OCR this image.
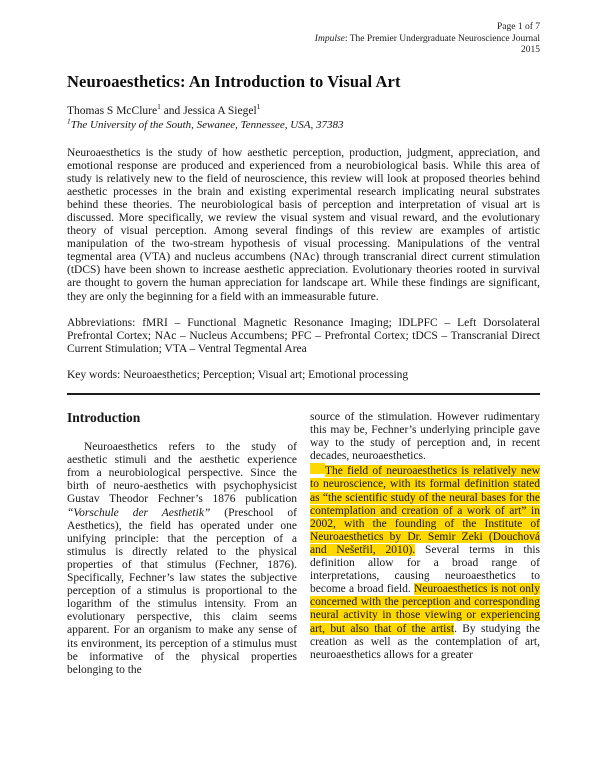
Page 1 of 7
Impulse: The Premier Undergraduate Neuroscience Journal
2015
Neuroaesthetics: An Introduction to Visual Art
Thomas S McClure$^1$ and Jessica A Siegel$^1$
$^1$The University of the South, Sewanee, Tennessee, USA, 37383

Neuroaesthetics is the study of how aesthetic perception, production, judgment, appreciation, and emotional response are produced and experienced from a neurobiological basis. While this area of study is relatively new to the field of neuroscience, this review will look at proposed theories behind aesthetic processes in the brain and existing experimental research implicating neural substrates behind these theories. The neurobiological basis of perception and interpretation of visual art is discussed. More specifically, we review the visual system and visual reward, and the evolutionary theory of visual perception. Among several findings of this review are examples of artistic manipulation of the two-stream hypothesis of visual processing. Manipulations of the ventral tegmental area (VTA) and nucleus accumbens (NAc) through transcranial direct current stimulation (tDCS) have been shown to increase aesthetic appreciation. Evolutionary theories rooted in survival are thought to govern the human appreciation for landscape art. While these findings are significant, they are only the beginning for a field with an immeasurable future.

Abbreviations: fMRI – Functional Magnetic Resonance Imaging; lDLPFC – Left Dorsolateral Prefrontal Cortex; NAc – Nucleus Accumbens; PFC – Prefrontal Cortex; tDCS – Transcranial Direct Current Stimulation; VTA – Ventral Tegmental Area

Key words: Neuroaesthetics; Perception; Visual art; Emotional processing

Introduction

Neuroaesthetics refers to the study of aesthetic stimuli and the aesthetic experience from a neurobiological perspective. Since the birth of neuro-aesthetics with psychophysicist Gustav Theodor Fechner’s 1876 publication “Vorschule der Aesthetik” (Preschool of Aesthetics), the field has operated under one unifying principle: that the perception of a stimulus is directly related to the physical properties of that stimulus (Fechner, 1876). Specifically, Fechner’s law states the subjective perception of a stimulus is proportional to the logarithm of the stimulus intensity. From an evolutionary perspective, this claim seems apparent. For an organism to make any sense of its environment, its perception of a stimulus must be informative of the physical properties belonging to the

source of the stimulation. However rudimentary this may be, Fechner’s underlying principle gave way to the study of perception and, in recent decades, neuroaesthetics.

The field of neuroaesthetics is relatively new to neuroscience, with its formal definition stated as “the scientific study of the neural bases for the contemplation and creation of a work of art” in 2002, with the founding of the Institute of Neuroaesthetics by Dr. Semir Zeki (Douchová and Nešetřil, 2010). Several terms in this definition allow for a broad range of interpretations, causing neuroaesthetics to become a broad field. Neuroaesthetics is not only concerned with the perception and corresponding neural activity in those viewing or experiencing art, but also that of the artist. By studying the creation as well as the contemplation of art, neuroaesthetics allows for a greater
